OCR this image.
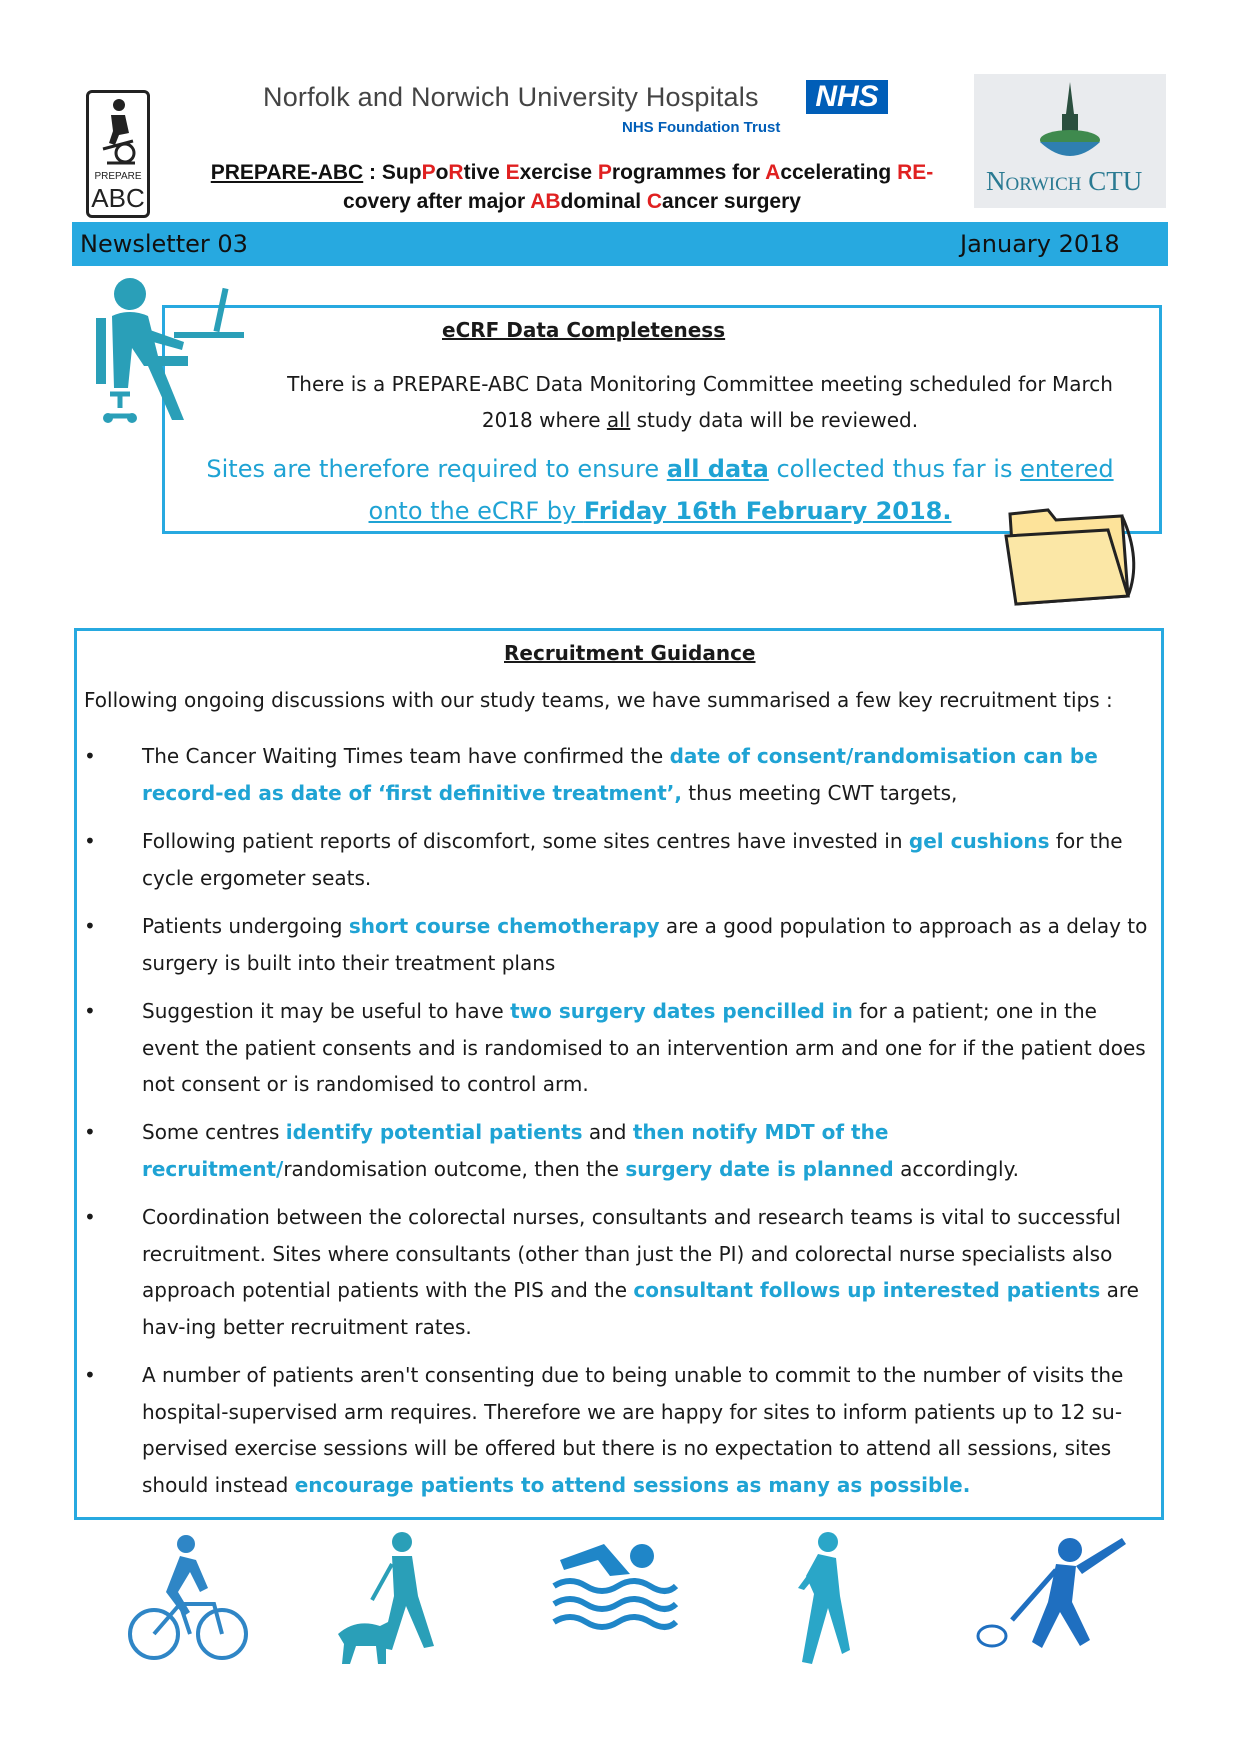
PREPARE
ABC
Norfolk and Norwich University Hospitals	NHS
NHS Foundation Trust
Norwich CTU
PREPARE-ABC : SupPoRtive Exercise Programmes for Accelerating RE-
covery after major ABdominal Cancer surgery
Newsletter 03	January 2018
eCRF Data Completeness
There is a PREPARE-ABC Data Monitoring Committee meeting scheduled for March 2018 where all study data will be reviewed.
Sites are therefore required to ensure all data collected thus far is entered onto the eCRF by Friday 16th February 2018.
Recruitment Guidance
Following ongoing discussions with our study teams, we have summarised a few key recruitment tips :
•	The Cancer Waiting Times team have confirmed the date of consent/randomisation can be record-ed as date of ‘first definitive treatment’, thus meeting CWT targets,
•	Following patient reports of discomfort, some sites centres have invested in gel cushions for the cycle ergometer seats.
•	Patients undergoing short course chemotherapy are a good population to approach as a delay to surgery is built into their treatment plans
•	Suggestion it may be useful to have two surgery dates pencilled in for a patient; one in the event the patient consents and is randomised to an intervention arm and one for if the patient does not consent or is randomised to control arm.
•	Some centres identify potential patients and then notify MDT of the recruitment/randomisation outcome, then the surgery date is planned accordingly.
•	Coordination between the colorectal nurses, consultants and research teams is vital to successful recruitment. Sites where consultants (other than just the PI) and colorectal nurse specialists also approach potential patients with the PIS and the consultant follows up interested patients are hav-ing better recruitment rates.
•	A number of patients aren't consenting due to being unable to commit to the number of visits the hospital-supervised arm requires. Therefore we are happy for sites to inform patients up to 12 su-pervised exercise sessions will be offered but there is no expectation to attend all sessions, sites should instead encourage patients to attend sessions as many as possible.
